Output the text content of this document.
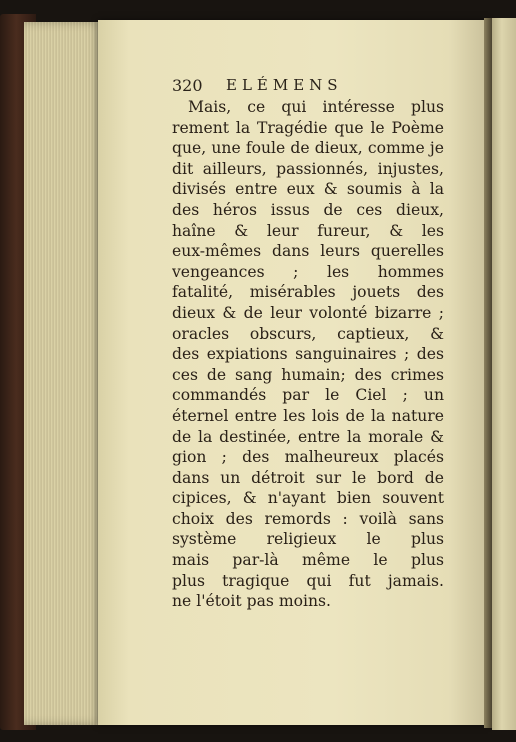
320 ELÉMENS
Mais, ce qui intéresse plus
rement la Tragédie que le Poème
que, une foule de dieux, comme je
dit ailleurs, passionnés, injustes,
divisés entre eux & soumis à la
des héros issus de ces dieux,
haîne & leur fureur, & les
eux-mêmes dans leurs querelles
vengeances ; les hommes
fatalité, misérables jouets des
dieux & de leur volonté bizarre ;
oracles obscurs, captieux, &
des expiations sanguinaires ; des
ces de sang humain; des crimes
commandés par le Ciel ; un
éternel entre les lois de la nature
de la destinée, entre la morale &
gion ; des malheureux placés
dans un détroit sur le bord de
cipices, & n'ayant bien souvent
choix des remords : voilà sans
système religieux le plus
mais par-là même le plus
plus tragique qui fut jamais.
ne l'étoit pas moins.
